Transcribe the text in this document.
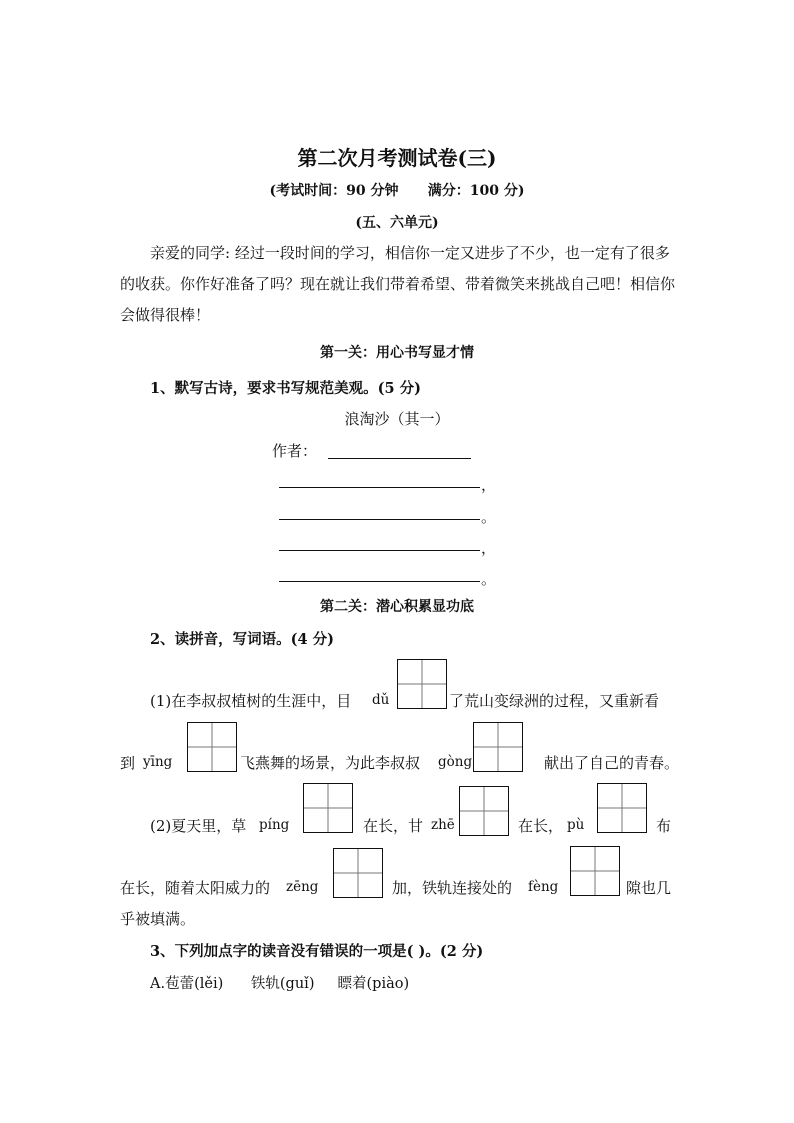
第二次月考测试卷(三)
(考试时间：90 分钟      满分：100 分)
(五、六单元)
亲爱的同学: 经过一段时间的学习，相信你一定又进步了不少，也一定有了很多的收获。你作好准备了吗？现在就让我们带着希望、带着微笑来挑战自己吧！相信你会做得很棒！
第一关：用心书写显才情
1、默写古诗，要求书写规范美观。(5 分)
浪淘沙（其一）
作者：
，
。
，
。
第二关：潜心积累显功底
2、读拼音，写词语。(4 分)
(1)在李叔叔植树的生涯中，目 dǔ	了荒山变绿洲的过程，又重新看
到 yīng	飞燕舞的场景，为此李叔叔 gòng	献出了自己的青春。
(2)夏天里，草 píng	在长，甘 zhē	在长， pù	布
在长，随着太阳威力的 zēng	加，铁轨连接处的 fèng	隙也几
乎被填满。
3、下列加点字的读音没有错误的一项是( )。(2 分)
A.苞蕾(lěi)      铁轨(guǐ)     瞟着(piào)
